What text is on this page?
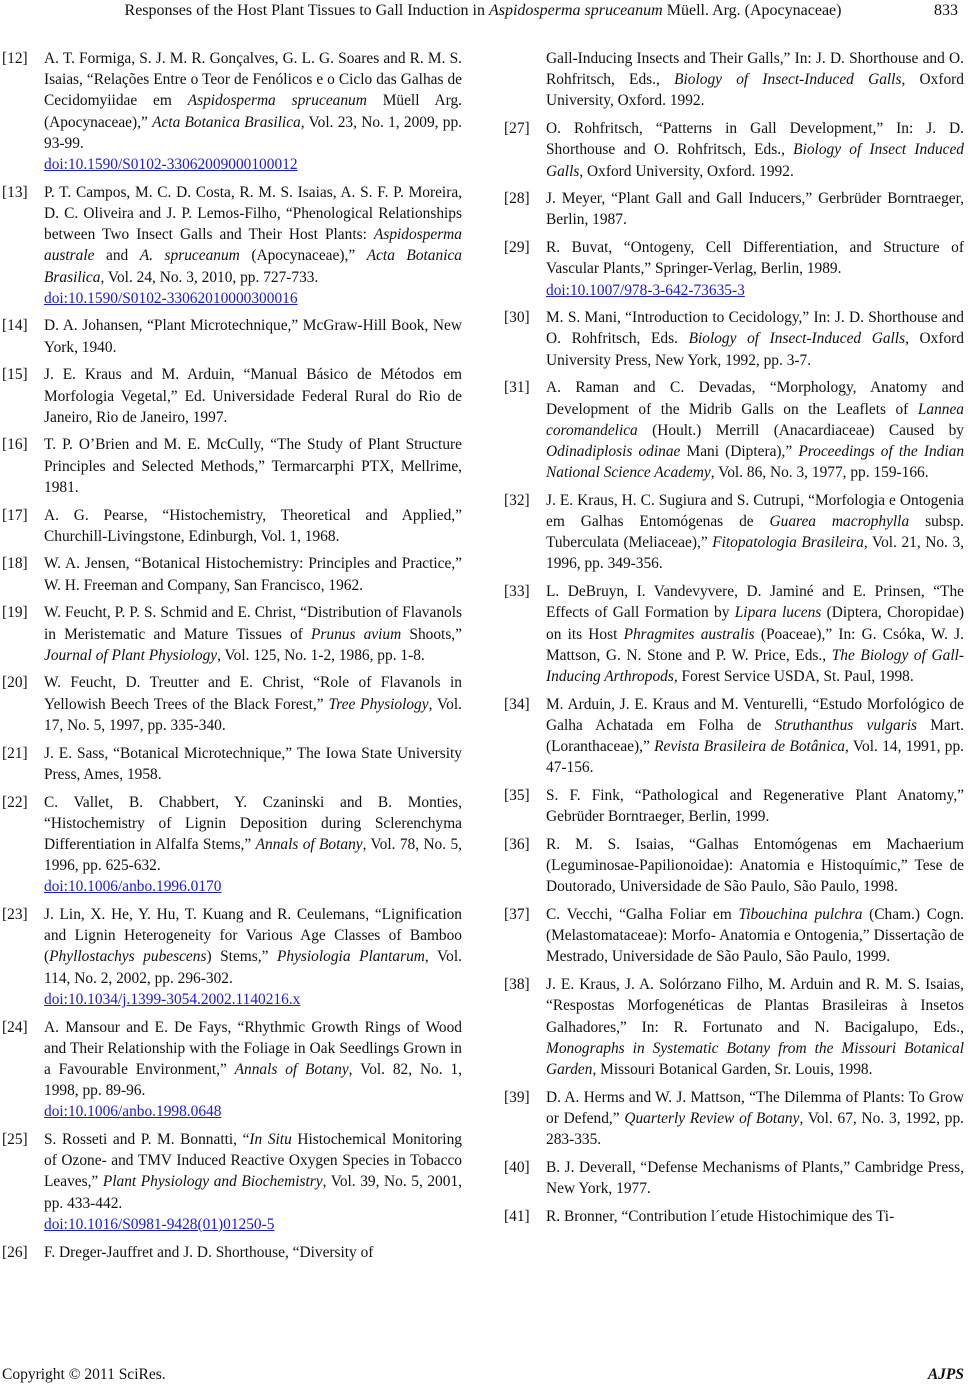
Responses of the Host Plant Tissues to Gall Induction in Aspidosperma spruceanum Müell. Arg. (Apocynaceae)	833
[12] A. T. Formiga, S. J. M. R. Gonçalves, G. L. G. Soares and R. M. S. Isaias, “Relações Entre o Teor de Fenólicos e o Ciclo das Galhas de Cecidomyiidae em Aspidosperma spruceanum Müell Arg. (Apocynaceae),” Acta Botanica Brasilica, Vol. 23, No. 1, 2009, pp. 93-99.
doi:10.1590/S0102-33062009000100012
[13] P. T. Campos, M. C. D. Costa, R. M. S. Isaias, A. S. F. P. Moreira, D. C. Oliveira and J. P. Lemos-Filho, “Phenological Relationships between Two Insect Galls and Their Host Plants: Aspidosperma australe and A. spruceanum (Apocynaceae),” Acta Botanica Brasilica, Vol. 24, No. 3, 2010, pp. 727-733.
doi:10.1590/S0102-33062010000300016
[14] D. A. Johansen, “Plant Microtechnique,” McGraw-Hill Book, New York, 1940.
[15] J. E. Kraus and M. Arduin, “Manual Básico de Métodos em Morfologia Vegetal,” Ed. Universidade Federal Rural do Rio de Janeiro, Rio de Janeiro, 1997.
[16] T. P. O’Brien and M. E. McCully, “The Study of Plant Structure Principles and Selected Methods,” Termarcarphi PTX, Mellrime, 1981.
[17] A. G. Pearse, “Histochemistry, Theoretical and Applied,” Churchill-Livingstone, Edinburgh, Vol. 1, 1968.
[18] W. A. Jensen, “Botanical Histochemistry: Principles and Practice,” W. H. Freeman and Company, San Francisco, 1962.
[19] W. Feucht, P. P. S. Schmid and E. Christ, “Distribution of Flavanols in Meristematic and Mature Tissues of Prunus avium Shoots,” Journal of Plant Physiology, Vol. 125, No. 1-2, 1986, pp. 1-8.
[20] W. Feucht, D. Treutter and E. Christ, “Role of Flavanols in Yellowish Beech Trees of the Black Forest,” Tree Physiology, Vol. 17, No. 5, 1997, pp. 335-340.
[21] J. E. Sass, “Botanical Microtechnique,” The Iowa State University Press, Ames, 1958.
[22] C. Vallet, B. Chabbert, Y. Czaninski and B. Monties, “Histochemistry of Lignin Deposition during Sclerenchyma Differentiation in Alfalfa Stems,” Annals of Botany, Vol. 78, No. 5, 1996, pp. 625-632.
doi:10.1006/anbo.1996.0170
[23] J. Lin, X. He, Y. Hu, T. Kuang and R. Ceulemans, “Lignification and Lignin Heterogeneity for Various Age Classes of Bamboo (Phyllostachys pubescens) Stems,” Physiologia Plantarum, Vol. 114, No. 2, 2002, pp. 296-302.
doi:10.1034/j.1399-3054.2002.1140216.x
[24] A. Mansour and E. De Fays, “Rhythmic Growth Rings of Wood and Their Relationship with the Foliage in Oak Seedlings Grown in a Favourable Environment,” Annals of Botany, Vol. 82, No. 1, 1998, pp. 89-96.
doi:10.1006/anbo.1998.0648
[25] S. Rosseti and P. M. Bonnatti, “In Situ Histochemical Monitoring of Ozone- and TMV Induced Reactive Oxygen Species in Tobacco Leaves,” Plant Physiology and Biochemistry, Vol. 39, No. 5, 2001, pp. 433-442.
doi:10.1016/S0981-9428(01)01250-5
[26] F. Dreger-Jauffret and J. D. Shorthouse, “Diversity of
Gall-Inducing Insects and Their Galls,” In: J. D. Shorthouse and O. Rohfritsch, Eds., Biology of Insect-Induced Galls, Oxford University, Oxford. 1992.
[27] O. Rohfritsch, “Patterns in Gall Development,” In: J. D. Shorthouse and O. Rohfritsch, Eds., Biology of Insect Induced Galls, Oxford University, Oxford. 1992.
[28] J. Meyer, “Plant Gall and Gall Inducers,” Gerbrüder Borntraeger, Berlin, 1987.
[29] R. Buvat, “Ontogeny, Cell Differentiation, and Structure of Vascular Plants,” Springer-Verlag, Berlin, 1989.
doi:10.1007/978-3-642-73635-3
[30] M. S. Mani, “Introduction to Cecidology,” In: J. D. Shorthouse and O. Rohfritsch, Eds. Biology of Insect-Induced Galls, Oxford University Press, New York, 1992, pp. 3-7.
[31] A. Raman and C. Devadas, “Morphology, Anatomy and Development of the Midrib Galls on the Leaflets of Lannea coromandelica (Hoult.) Merrill (Anacardiaceae) Caused by Odinadiplosis odinae Mani (Diptera),” Proceedings of the Indian National Science Academy, Vol. 86, No. 3, 1977, pp. 159-166.
[32] J. E. Kraus, H. C. Sugiura and S. Cutrupi, “Morfologia e Ontogenia em Galhas Entomógenas de Guarea macrophylla subsp. Tuberculata (Meliaceae),” Fitopatologia Brasileira, Vol. 21, No. 3, 1996, pp. 349-356.
[33] L. DeBruyn, I. Vandevyvere, D. Jaminé and E. Prinsen, “The Effects of Gall Formation by Lipara lucens (Diptera, Choropidae) on its Host Phragmites australis (Poaceae),” In: G. Csóka, W. J. Mattson, G. N. Stone and P. W. Price, Eds., The Biology of Gall-Inducing Arthropods, Forest Service USDA, St. Paul, 1998.
[34] M. Arduin, J. E. Kraus and M. Venturelli, “Estudo Morfológico de Galha Achatada em Folha de Struthanthus vulgaris Mart. (Loranthaceae),” Revista Brasileira de Botânica, Vol. 14, 1991, pp. 47-156.
[35] S. F. Fink, “Pathological and Regenerative Plant Anatomy,” Gebrüder Borntraeger, Berlin, 1999.
[36] R. M. S. Isaias, “Galhas Entomógenas em Machaerium (Leguminosae-Papilionoidae): Anatomia e Histoquímic,” Tese de Doutorado, Universidade de São Paulo, São Paulo, 1998.
[37] C. Vecchi, “Galha Foliar em Tibouchina pulchra (Cham.) Cogn. (Melastomataceae): Morfo- Anatomia e Ontogenia,” Dissertação de Mestrado, Universidade de São Paulo, São Paulo, 1999.
[38] J. E. Kraus, J. A. Solórzano Filho, M. Arduin and R. M. S. Isaias, “Respostas Morfogenéticas de Plantas Brasileiras à Insetos Galhadores,” In: R. Fortunato and N. Bacigalupo, Eds., Monographs in Systematic Botany from the Missouri Botanical Garden, Missouri Botanical Garden, Sr. Louis, 1998.
[39] D. A. Herms and W. J. Mattson, “The Dilemma of Plants: To Grow or Defend,” Quarterly Review of Botany, Vol. 67, No. 3, 1992, pp. 283-335.
[40] B. J. Deverall, “Defense Mechanisms of Plants,” Cambridge Press, New York, 1977.
[41] R. Bronner, “Contribution l´etude Histochimique des Ti-
Copyright © 2011 SciRes.	AJPS
